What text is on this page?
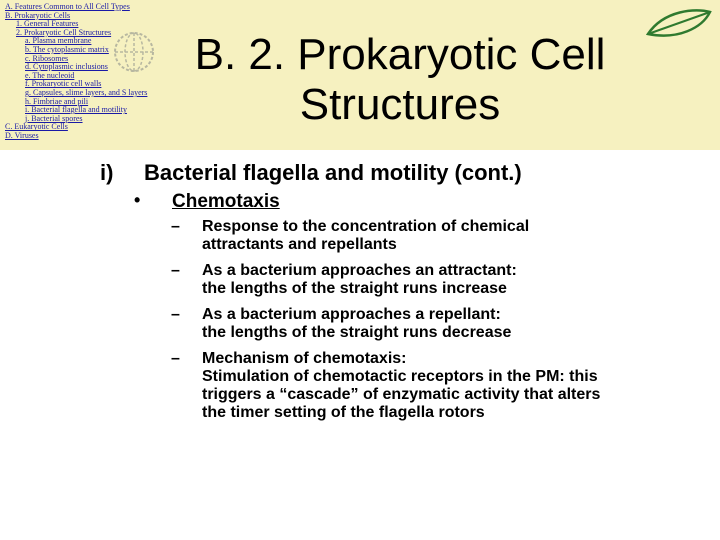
A. Features Common to All Cell Types
B. Prokaryotic Cells
1. General Features
2. Prokaryotic Cell Structures
a. Plasma membrane
b. The cytoplasmic matrix
c. Ribosomes
d. Cytoplasmic inclusions
e. The nucleoid
f. Prokaryotic cell walls
g. Capsules, slime layers, and S layers
h. Fimbriae and pili
i. Bacterial flagella and motility
j. Bacterial spores
C. Eukaryotic Cells
D. Viruses
B. 2. Prokaryotic Cell Structures
i) Bacterial flagella and motility (cont.)
• Chemotaxis
– Response to the concentration of chemical
attractants and repellants
– As a bacterium approaches an attractant:
the lengths of the straight runs increase
– As a bacterium approaches a repellant:
the lengths of the straight runs decrease
– Mechanism of chemotaxis:
Stimulation of chemotactic receptors in the PM: this
triggers a “cascade” of enzymatic activity that alters
the timer setting of the flagella rotors
